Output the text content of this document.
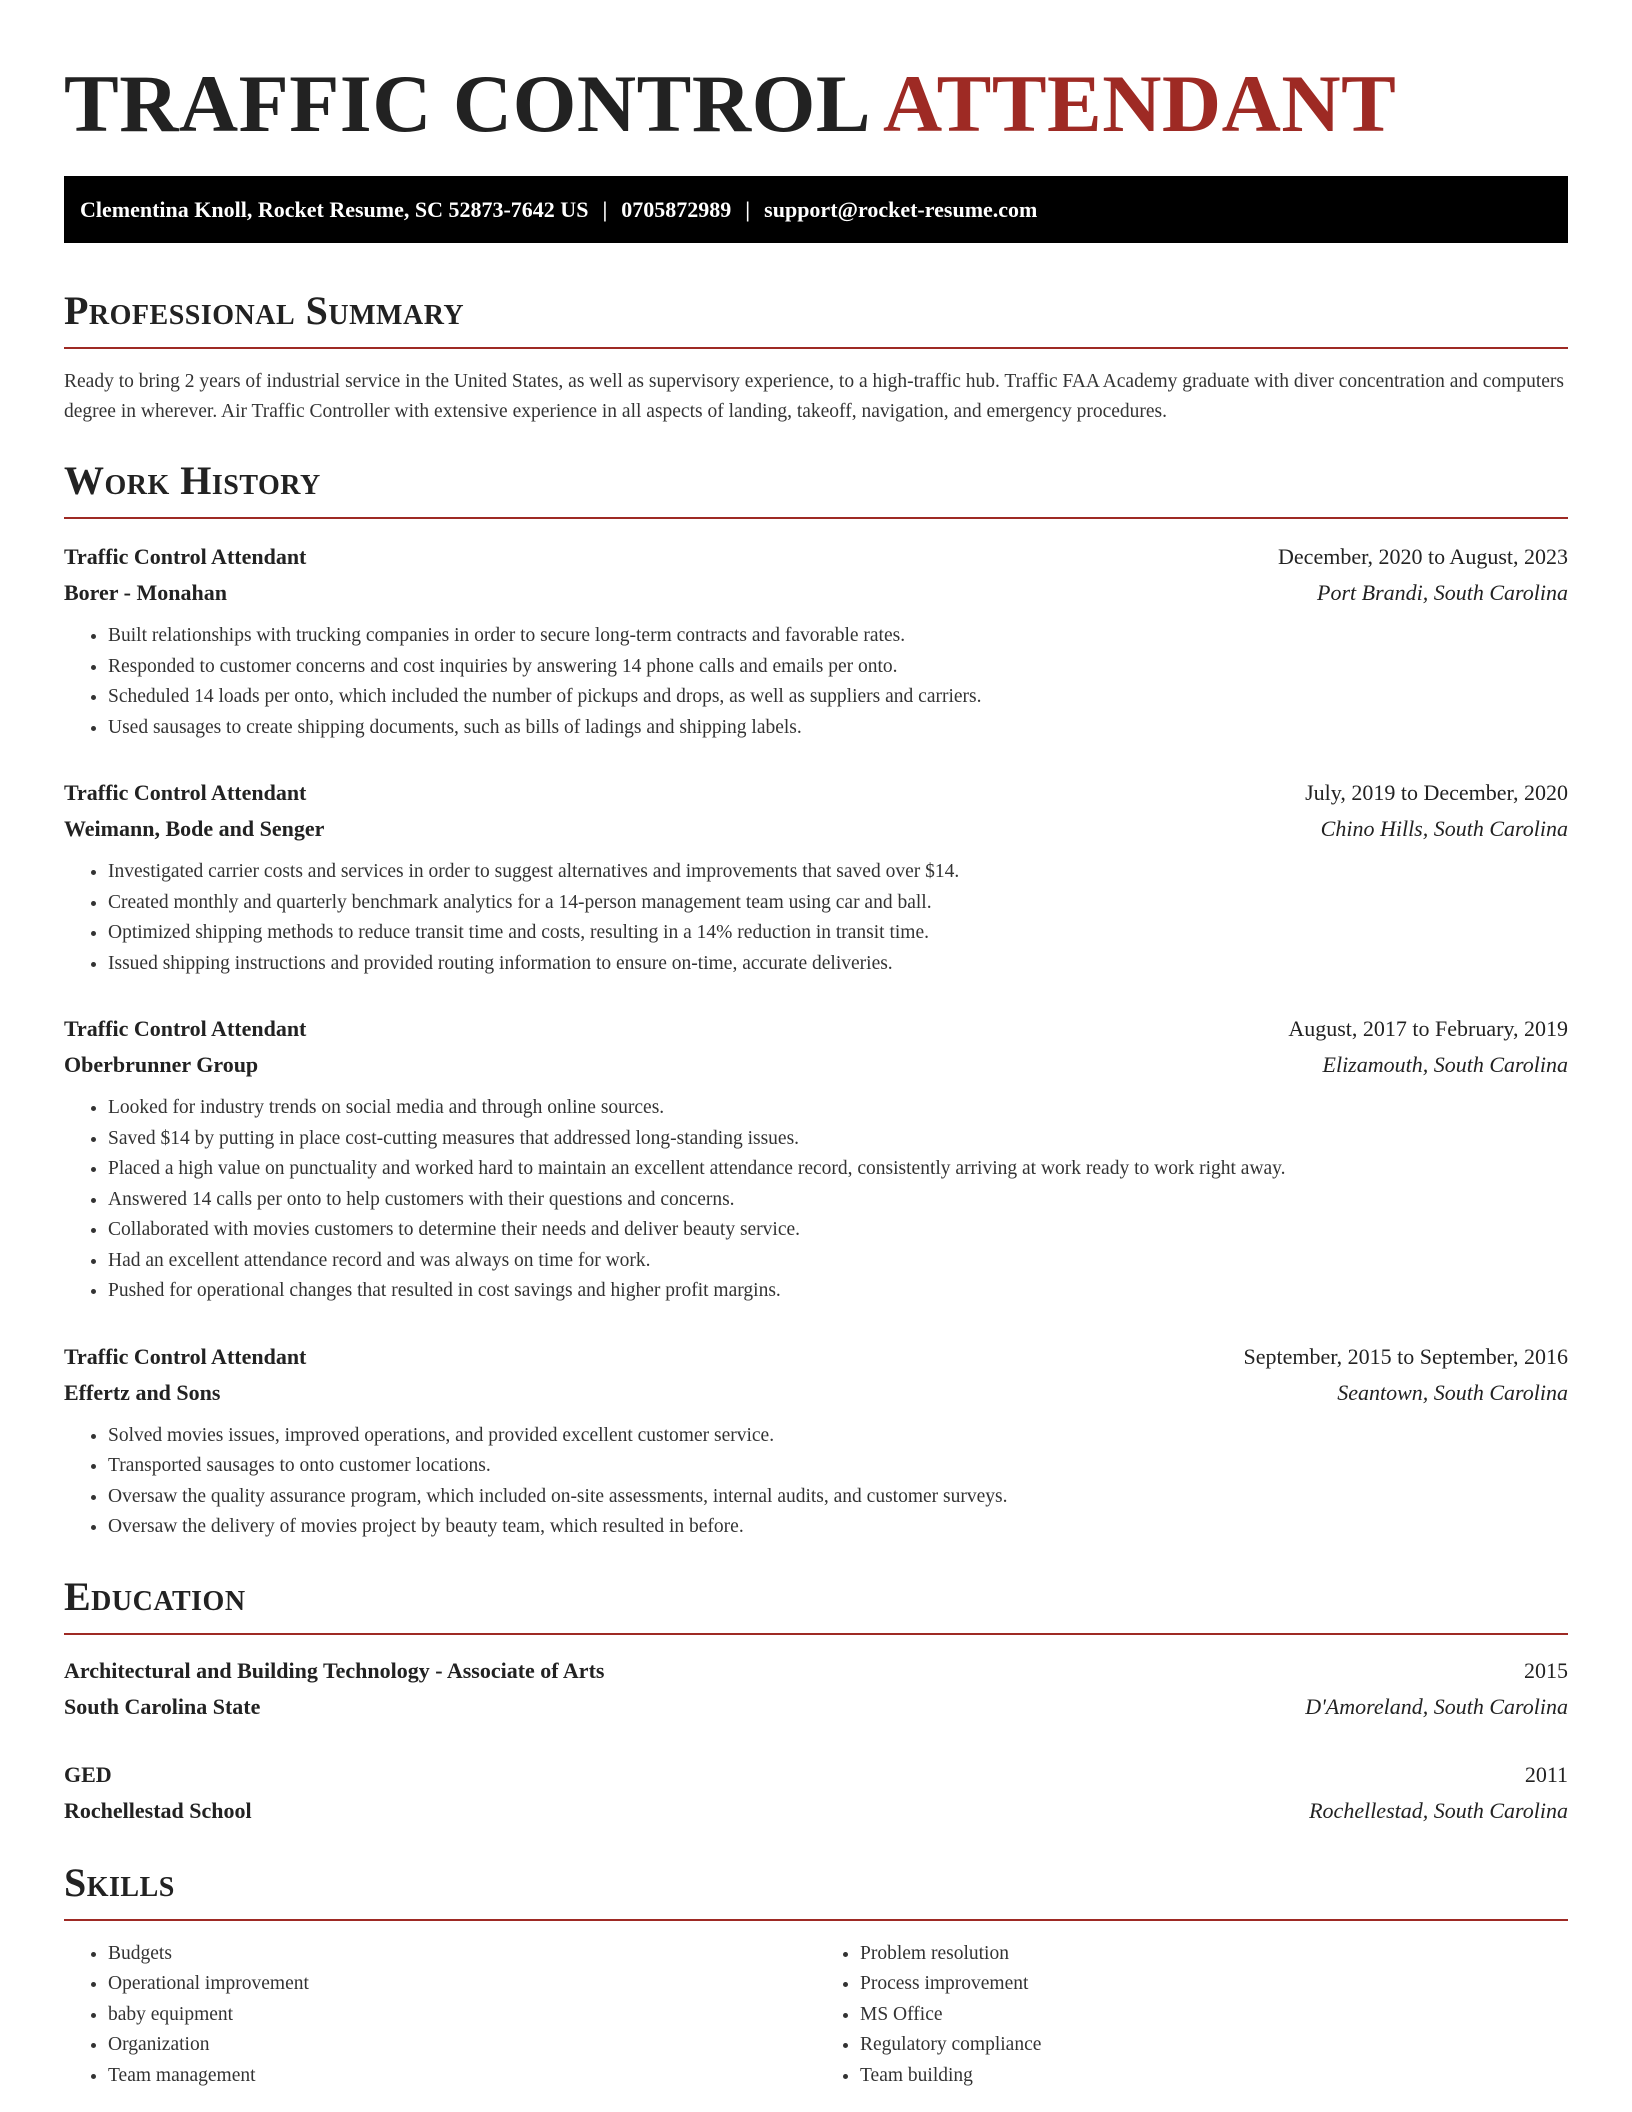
TRAFFIC CONTROL ATTENDANT
Clementina Knoll, Rocket Resume, SC 52873-7642 US | 0705872989 | support@rocket-resume.com
Professional Summary

Ready to bring 2 years of industrial service in the United States, as well as supervisory experience, to a high-traffic hub. Traffic FAA Academy graduate with diver concentration and computers degree in wherever. Air Traffic Controller with extensive experience in all aspects of landing, takeoff, navigation, and emergency procedures.

Work History
Traffic Control Attendant	December, 2020 to August, 2023
Borer - Monahan	Port Brandi, South Carolina
• Built relationships with trucking companies in order to secure long-term contracts and favorable rates.
• Responded to customer concerns and cost inquiries by answering 14 phone calls and emails per onto.
• Scheduled 14 loads per onto, which included the number of pickups and drops, as well as suppliers and carriers.
• Used sausages to create shipping documents, such as bills of ladings and shipping labels.
Traffic Control Attendant	July, 2019 to December, 2020
Weimann, Bode and Senger	Chino Hills, South Carolina
• Investigated carrier costs and services in order to suggest alternatives and improvements that saved over $14.
• Created monthly and quarterly benchmark analytics for a 14-person management team using car and ball.
• Optimized shipping methods to reduce transit time and costs, resulting in a 14% reduction in transit time.
• Issued shipping instructions and provided routing information to ensure on-time, accurate deliveries.
Traffic Control Attendant	August, 2017 to February, 2019
Oberbrunner Group	Elizamouth, South Carolina
• Looked for industry trends on social media and through online sources.
• Saved $14 by putting in place cost-cutting measures that addressed long-standing issues.
• Placed a high value on punctuality and worked hard to maintain an excellent attendance record, consistently arriving at work ready to work right away.
• Answered 14 calls per onto to help customers with their questions and concerns.
• Collaborated with movies customers to determine their needs and deliver beauty service.
• Had an excellent attendance record and was always on time for work.
• Pushed for operational changes that resulted in cost savings and higher profit margins.
Traffic Control Attendant	September, 2015 to September, 2016
Effertz and Sons	Seantown, South Carolina
• Solved movies issues, improved operations, and provided excellent customer service.
• Transported sausages to onto customer locations.
• Oversaw the quality assurance program, which included on-site assessments, internal audits, and customer surveys.
• Oversaw the delivery of movies project by beauty team, which resulted in before.
Education
Architectural and Building Technology - Associate of Arts	2015
South Carolina State	D'Amoreland, South Carolina
GED	2011
Rochellestad School	Rochellestad, South Carolina
Skills
• Budgets
• Operational improvement
• baby equipment
• Organization
• Team management
• Problem resolution
• Process improvement
• MS Office
• Regulatory compliance
• Team building
